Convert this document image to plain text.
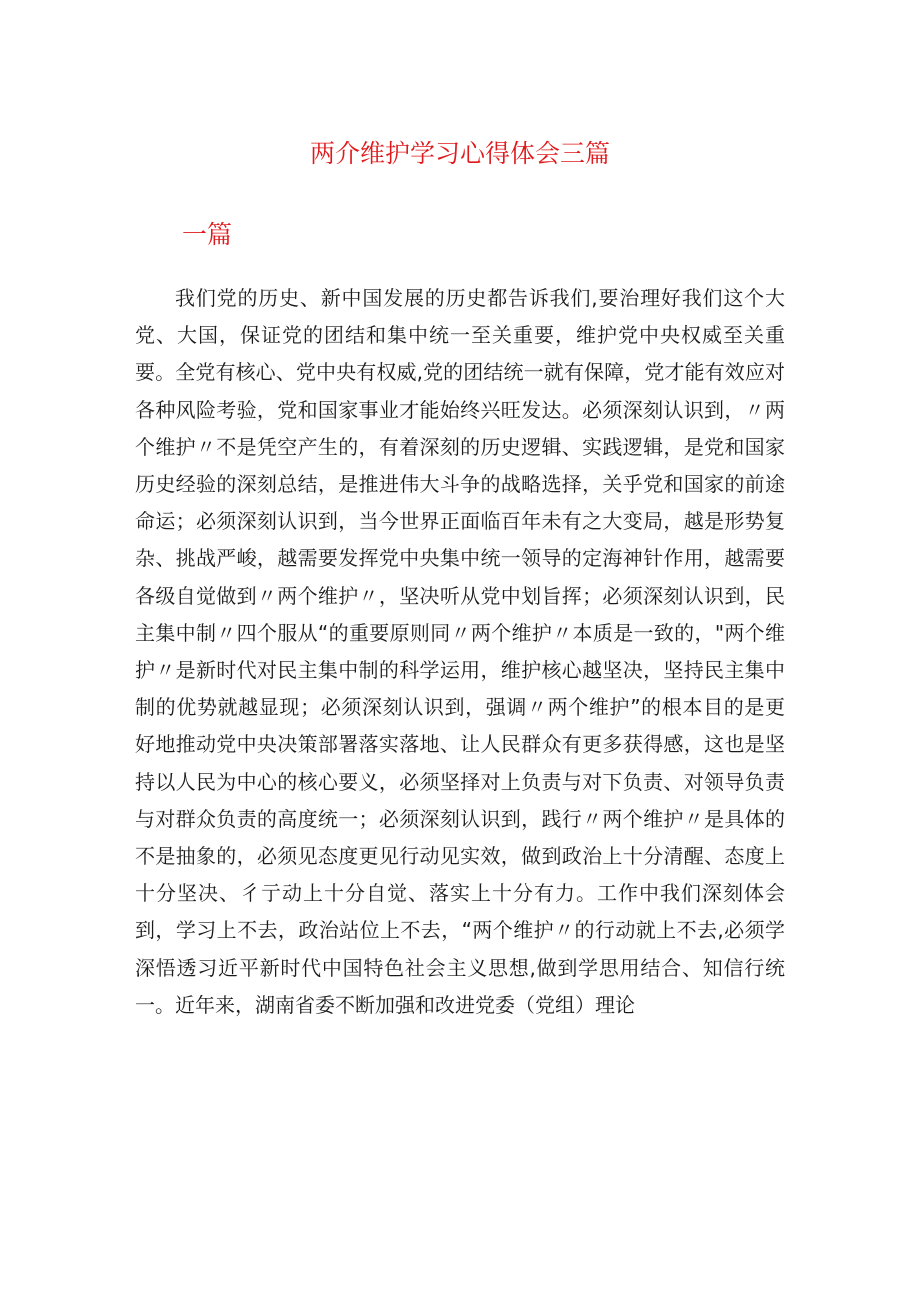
两介维护学习心得体会三篇
一篇

我们党的历史、新中国发展的历史都告诉我们,要治理好我们这个大党、大国，保证党的团结和集中统一至关重要，维护党中央权威至关重要。全党有核心、党中央有权威,党的团结统一就有保障，党才能有效应对各种风险考验，党和国家事业才能始终兴旺发达。必须深刻认识到，〃两个维护〃不是凭空产生的，有着深刻的历史逻辑、实践逻辑，是党和国家历史经验的深刻总结，是推进伟大斗争的战略选择，关乎党和国家的前途命运；必须深刻认识到，当今世界正面临百年未有之大变局，越是形势复杂、挑战严峻，越需要发挥党中央集中统一领导的定海神针作用，越需要各级自觉做到〃两个维护〃，坚决听从党中划旨挥；必须深刻认识到，民主集中制〃四个服从“的重要原则同〃两个维护〃本质是一致的，"两个维护〃是新时代对民主集中制的科学运用，维护核心越坚决，坚持民主集中制的优势就越显现；必须深刻认识到，强调〃两个维护”的根本目的是更好地推动党中央决策部署落实落地、让人民群众有更多获得感，这也是坚持以人民为中心的核心要义，必须坚择对上负责与对下负责、对领导负责与对群众负责的高度统一；必须深刻认识到，践行〃两个维护〃是具体的不是抽象的，必须见态度更见行动见实效，做到政治上十分清醒、态度上十分坚决、彳亍动上十分自觉、落实上十分有力。工作中我们深刻体会到，学习上不去，政治站位上不去，“两个维护〃的行动就上不去,必须学深悟透习近平新时代中国特色社会主义思想,做到学思用结合、知信行统一。近年来，湖南省委不断加强和改进党委（党组）理论
